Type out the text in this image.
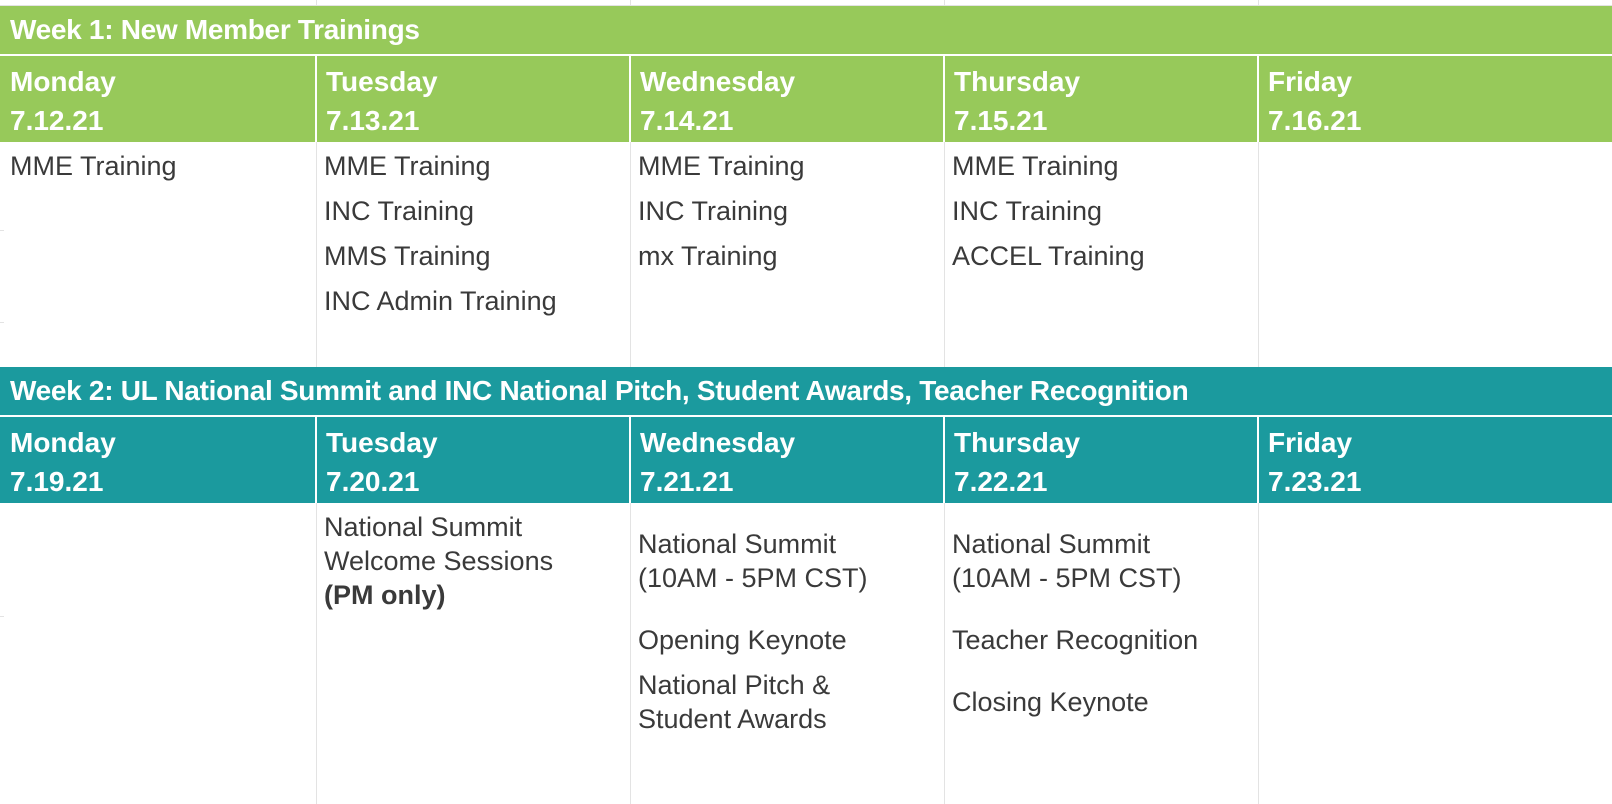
Week 1: New Member Trainings
Monday
7.12.21
Tuesday
7.13.21
Wednesday
7.14.21
Thursday
7.15.21
Friday
7.16.21
MME Training	MME Training
INC Training
MMS Training
INC Admin Training
MME Training
INC Training
mx Training
MME Training
INC Training
ACCEL Training
Week 2: UL National Summit and INC National Pitch, Student Awards, Teacher Recognition
Monday
7.19.21
Tuesday
7.20.21
Wednesday
7.21.21
Thursday
7.22.21
Friday
7.23.21
National Summit
Welcome Sessions
(PM only)
National Summit
(10AM - 5PM CST)
Opening Keynote
National Pitch &
Student Awards
National Summit
(10AM - 5PM CST)
Teacher Recognition
Closing Keynote
